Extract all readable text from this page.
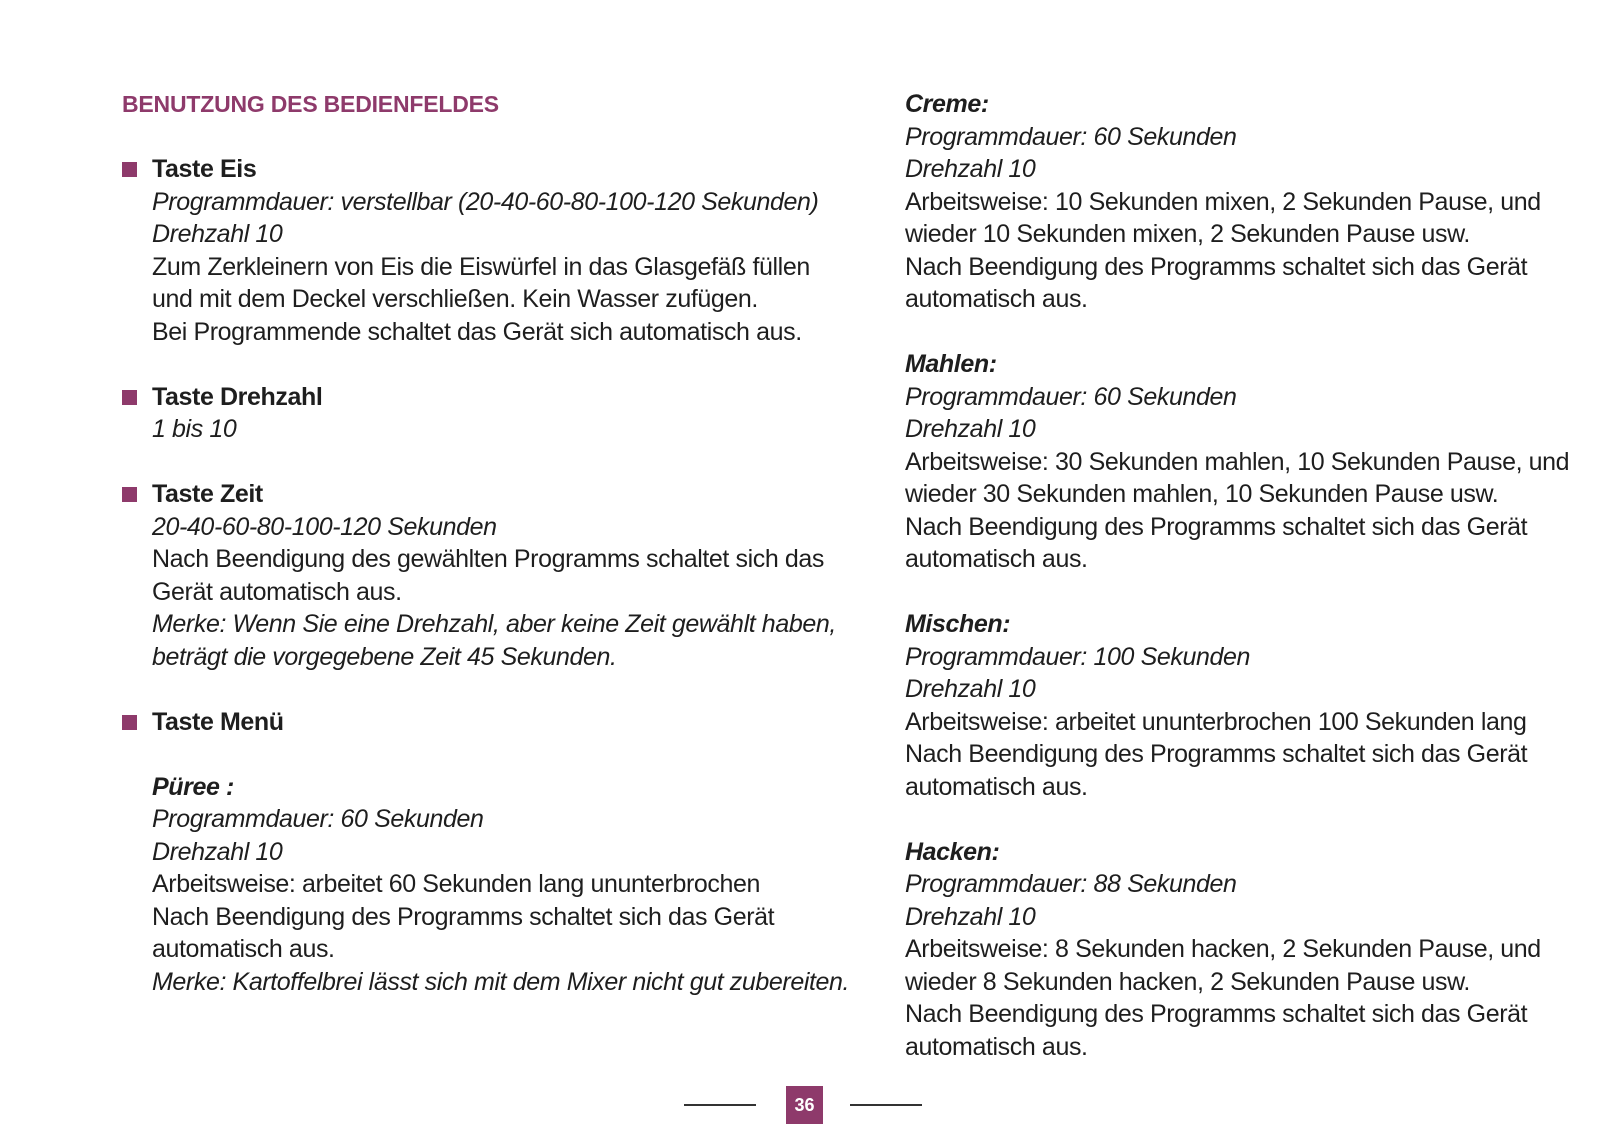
BENUTZUNG DES BEDIENFELDES
Taste Eis
Programmdauer: verstellbar (20-40-60-80-100-120 Sekunden)
Drehzahl 10
Zum Zerkleinern von Eis die Eiswürfel in das Glasgefäß füllen
und mit dem Deckel verschließen. Kein Wasser zufügen.
Bei Programmende schaltet das Gerät sich automatisch aus.
Taste Drehzahl
1 bis 10
Taste Zeit
20-40-60-80-100-120 Sekunden
Nach Beendigung des gewählten Programms schaltet sich das
Gerät automatisch aus.
Merke: Wenn Sie eine Drehzahl, aber keine Zeit gewählt haben,
beträgt die vorgegebene Zeit 45 Sekunden.
Taste Menü
Püree :
Programmdauer: 60 Sekunden
Drehzahl 10
Arbeitsweise: arbeitet 60 Sekunden lang ununterbrochen
Nach Beendigung des Programms schaltet sich das Gerät
automatisch aus.
Merke: Kartoffelbrei lässt sich mit dem Mixer nicht gut zubereiten.
Creme:
Programmdauer: 60 Sekunden
Drehzahl 10
Arbeitsweise: 10 Sekunden mixen, 2 Sekunden Pause, und
wieder 10 Sekunden mixen, 2 Sekunden Pause usw.
Nach Beendigung des Programms schaltet sich das Gerät
automatisch aus.
Mahlen:
Programmdauer: 60 Sekunden
Drehzahl 10
Arbeitsweise: 30 Sekunden mahlen, 10 Sekunden Pause, und
wieder 30 Sekunden mahlen, 10 Sekunden Pause usw.
Nach Beendigung des Programms schaltet sich das Gerät
automatisch aus.
Mischen:
Programmdauer: 100 Sekunden
Drehzahl 10
Arbeitsweise: arbeitet ununterbrochen 100 Sekunden lang
Nach Beendigung des Programms schaltet sich das Gerät
automatisch aus.
Hacken:
Programmdauer: 88 Sekunden
Drehzahl 10
Arbeitsweise: 8 Sekunden hacken, 2 Sekunden Pause, und
wieder 8 Sekunden hacken, 2 Sekunden Pause usw.
Nach Beendigung des Programms schaltet sich das Gerät
automatisch aus.
36
